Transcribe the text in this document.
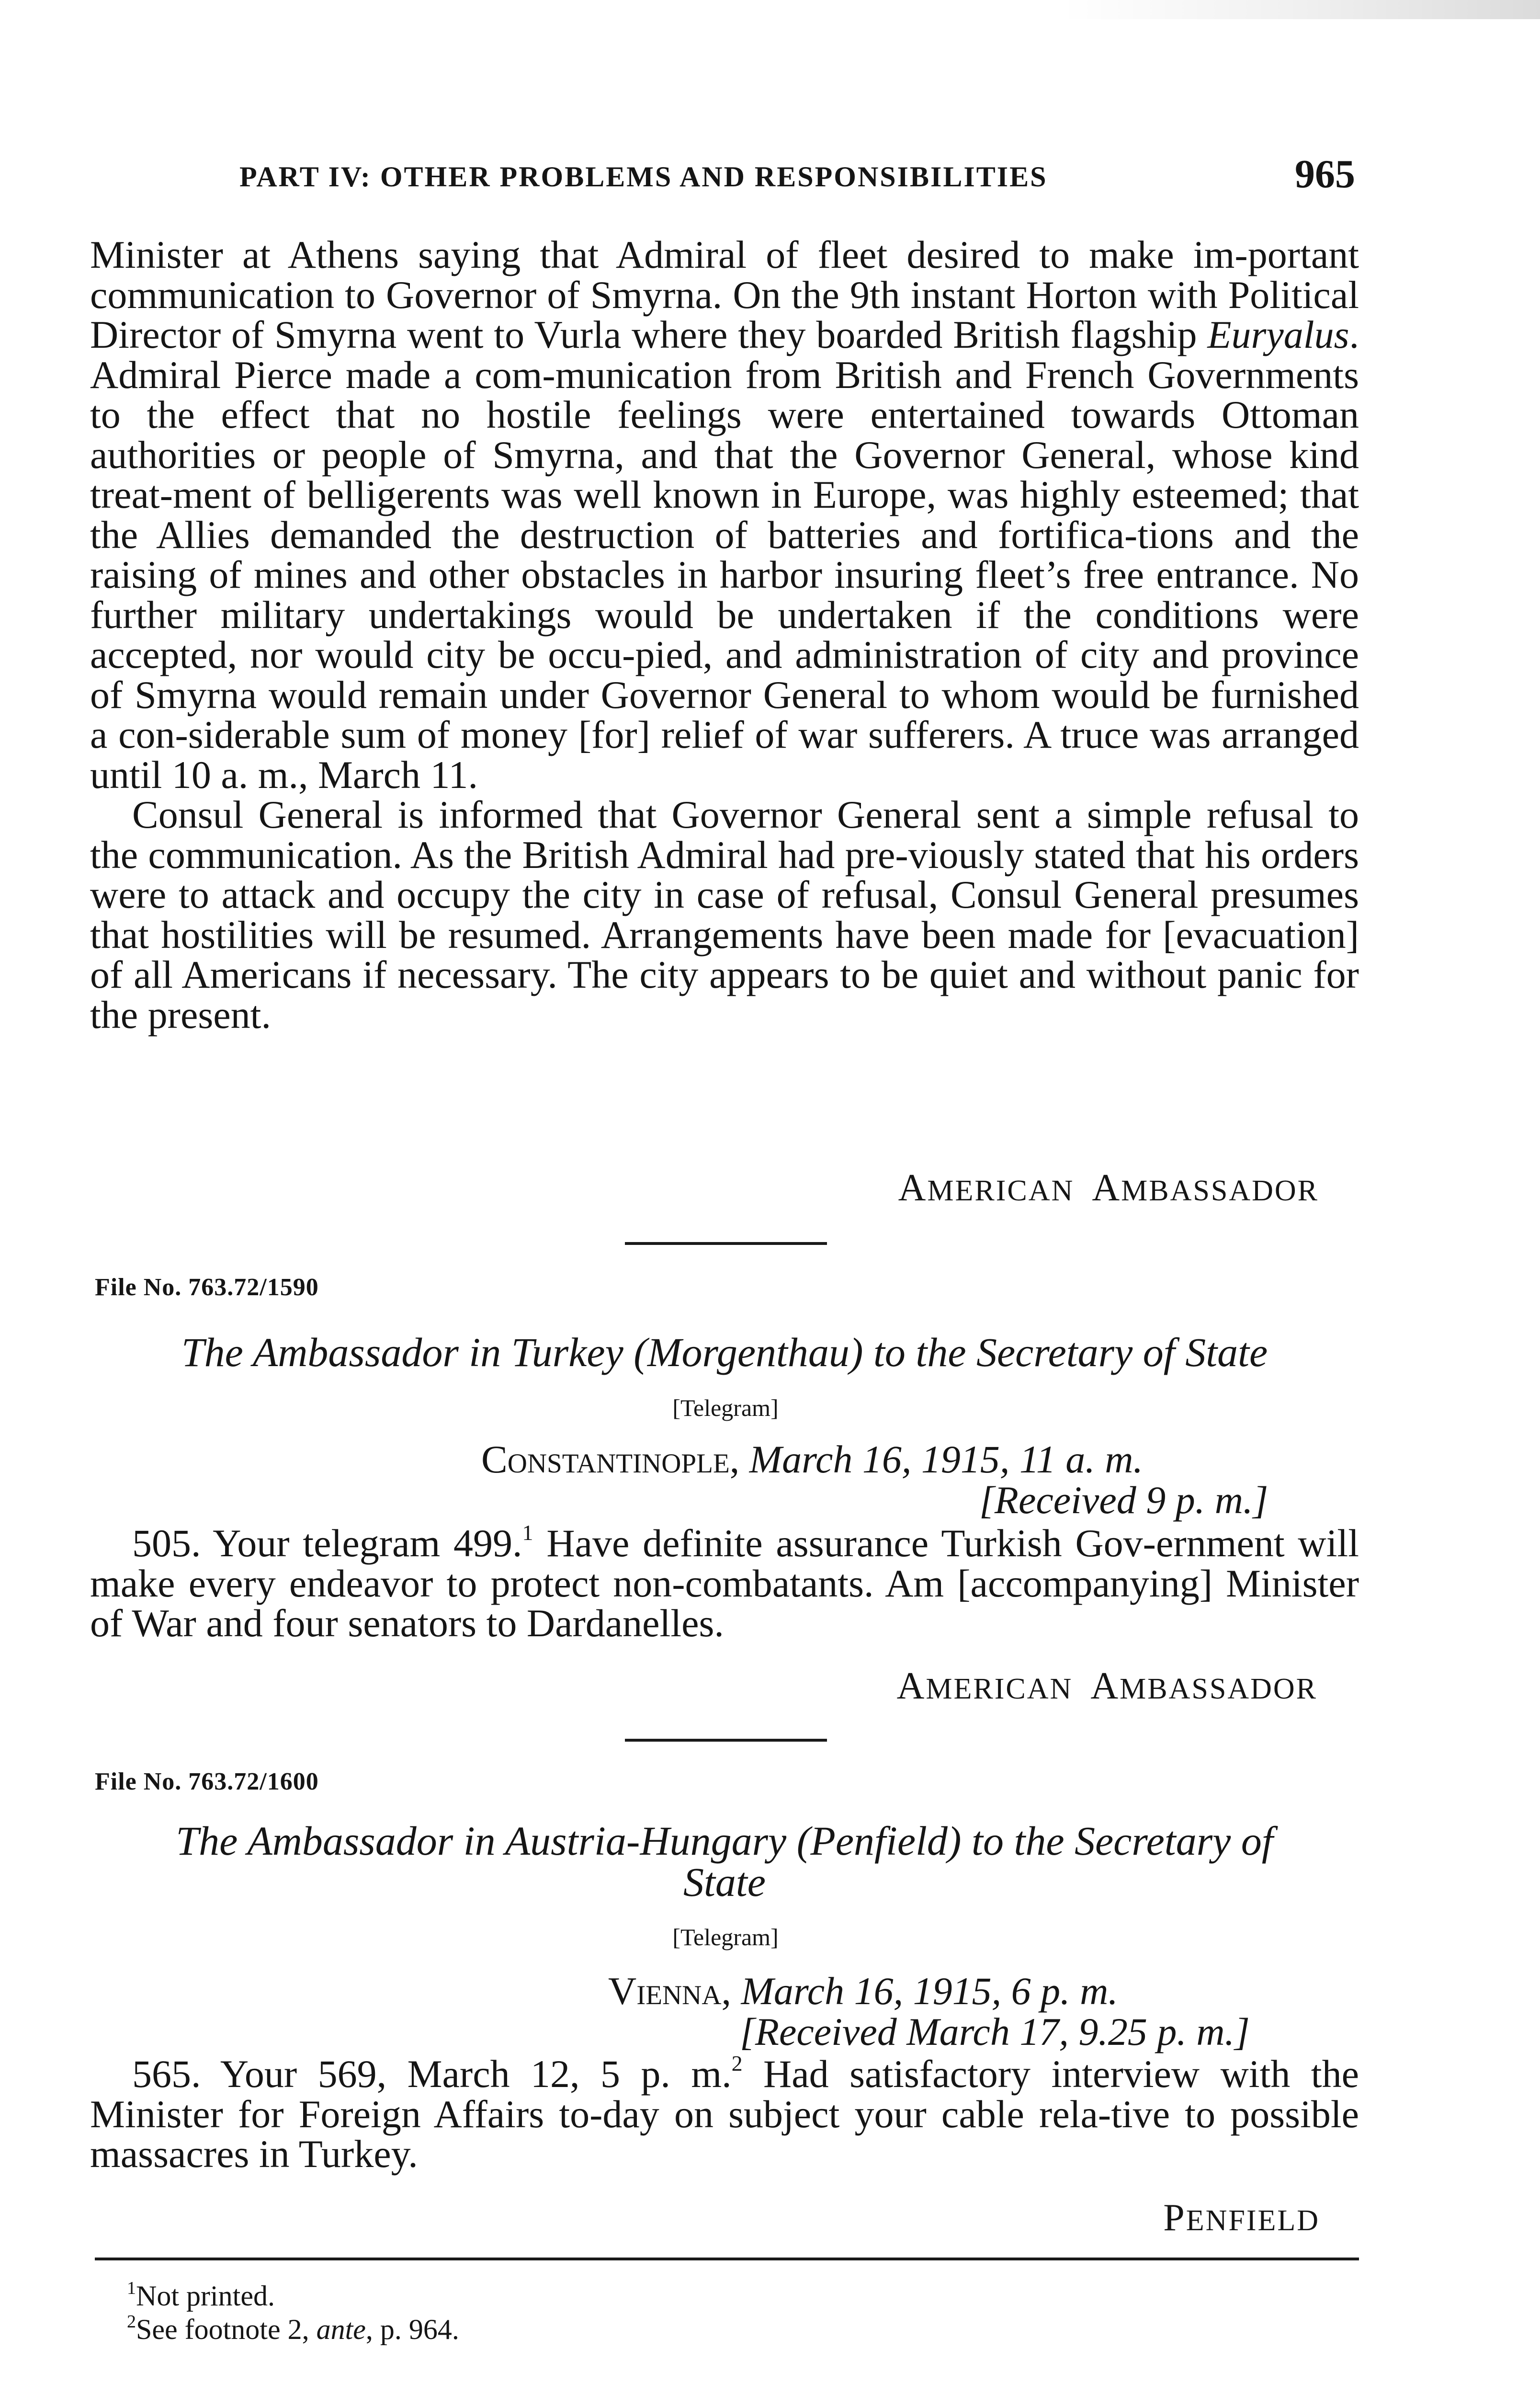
PART IV: OTHER PROBLEMS AND RESPONSIBILITIES	965

Minister at Athens saying that Admiral of fleet desired to make im-portant communication to Governor of Smyrna. On the 9th instant Horton with Political Director of Smyrna went to Vurla where they boarded British flagship Euryalus. Admiral Pierce made a com-munication from British and French Governments to the effect that no hostile feelings were entertained towards Ottoman authorities or people of Smyrna, and that the Governor General, whose kind treat-ment of belligerents was well known in Europe, was highly esteemed; that the Allies demanded the destruction of batteries and fortifica-tions and the raising of mines and other obstacles in harbor insuring fleet’s free entrance. No further military undertakings would be undertaken if the conditions were accepted, nor would city be occu-pied, and administration of city and province of Smyrna would remain under Governor General to whom would be furnished a con-siderable sum of money [for] relief of war sufferers. A truce was arranged until 10 a. m., March 11.

Consul General is informed that Governor General sent a simple refusal to the communication. As the British Admiral had pre-viously stated that his orders were to attack and occupy the city in case of refusal, Consul General presumes that hostilities will be resumed. Arrangements have been made for [evacuation] of all Americans if necessary. The city appears to be quiet and without panic for the present.

AMERICAN AMBASSADOR
File No. 763.72/1590
The Ambassador in Turkey (Morgenthau) to the Secretary of State
[Telegram]
Constantinople, March 16, 1915, 11 a. m.
[Received 9 p. m.]

505. Your telegram 499.$^1$ Have definite assurance Turkish Gov-ernment will make every endeavor to protect non-combatants. Am [accompanying] Minister of War and four senators to Dardanelles.

AMERICAN AMBASSADOR
File No. 763.72/1600
The Ambassador in Austria-Hungary (Penfield) to the Secretary of
State
[Telegram]
Vienna, March 16, 1915, 6 p. m.
[Received March 17, 9.25 p. m.]

565. Your 569, March 12, 5 p. m.$^2$ Had satisfactory interview with the Minister for Foreign Affairs to-day on subject your cable rela-tive to possible massacres in Turkey.

PENFIELD
$^1$Not printed.
$^2$See footnote 2, ante, p. 964.
